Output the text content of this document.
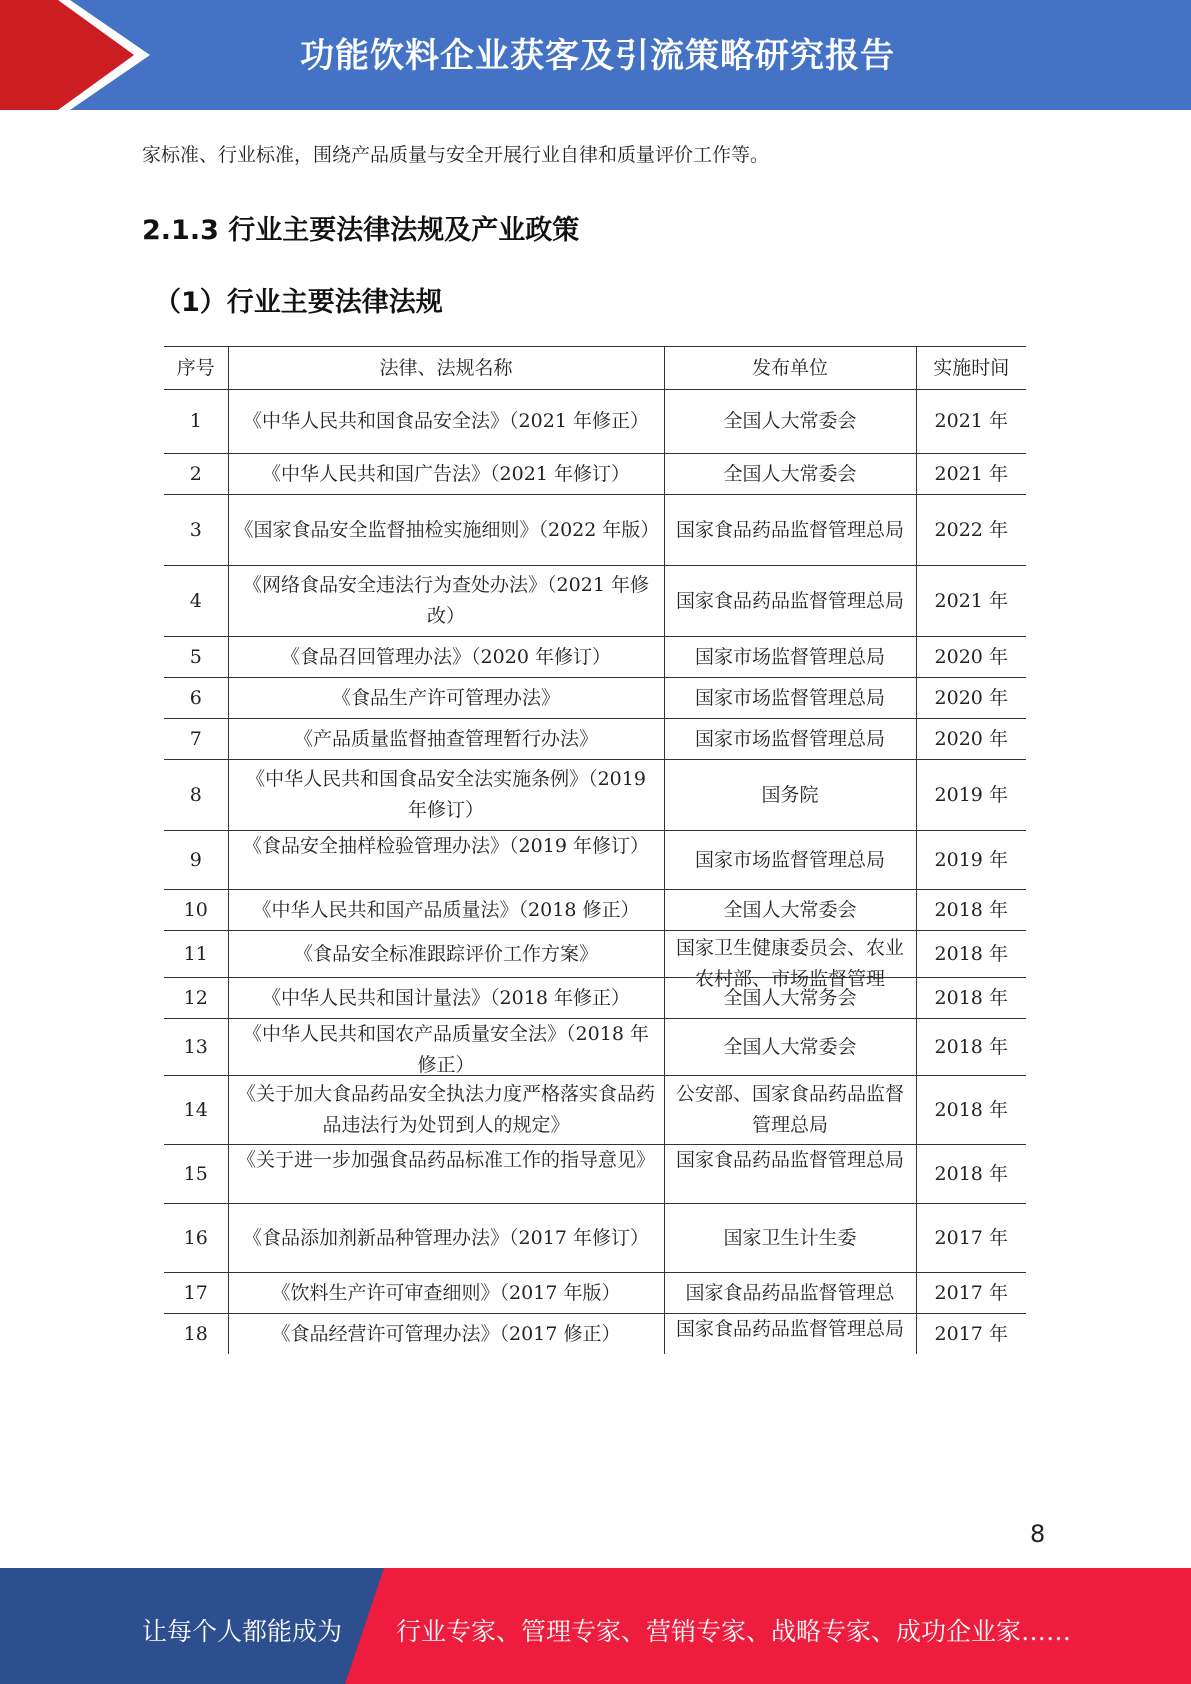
功能饮料企业获客及引流策略研究报告
家标准、行业标准，围绕产品质量与安全开展行业自律和质量评价工作等。
2.1.3 行业主要法律法规及产业政策
（1）行业主要法律法规
序号	法律、法规名称	发布单位	实施时间
1	《中华人民共和国食品安全法》（2021 年修正）	全国人大常委会	2021 年
2	《中华人民共和国广告法》（2021 年修订）	全国人大常委会	2021 年
3	《国家食品安全监督抽检实施细则》（2022 年版）	国家食品药品监督管理总局	2022 年
4	《网络食品安全违法行为查处办法》（2021 年修改）	国家食品药品监督管理总局	2021 年
5	《食品召回管理办法》（2020 年修订）	国家市场监督管理总局	2020 年
6	《食品生产许可管理办法》	国家市场监督管理总局	2020 年
7	《产品质量监督抽查管理暂行办法》	国家市场监督管理总局	2020 年
8	《中华人民共和国食品安全法实施条例》（2019 年修订）	国务院	2019 年
9	《食品安全抽样检验管理办法》（2019 年修订）	国家市场监督管理总局	2019 年
10	《中华人民共和国产品质量法》（2018 修正）	全国人大常委会	2018 年
11	《食品安全标准跟踪评价工作方案》	国家卫生健康委员会、农业农村部、市场监督管理	2018 年
12	《中华人民共和国计量法》（2018 年修正）	全国人大常务会	2018 年
13	《中华人民共和国农产品质量安全法》（2018 年修正）	全国人大常委会	2018 年
14	《关于加大食品药品安全执法力度严格落实食品药品违法行为处罚到人的规定》	公安部、国家食品药品监督管理总局	2018 年
15	《关于进一步加强食品药品标准工作的指导意见》	国家食品药品监督管理总局	2018 年
16	《食品添加剂新品种管理办法》（2017 年修订）	国家卫生计生委	2017 年
17	《饮料生产许可审查细则》（2017 年版）	国家食品药品监督管理总	2017 年
18	《食品经营许可管理办法》（2017 修正）	国家食品药品监督管理总局	2017 年
8
让每个人都能成为 行业专家、管理专家、营销专家、战略专家、成功企业家……
